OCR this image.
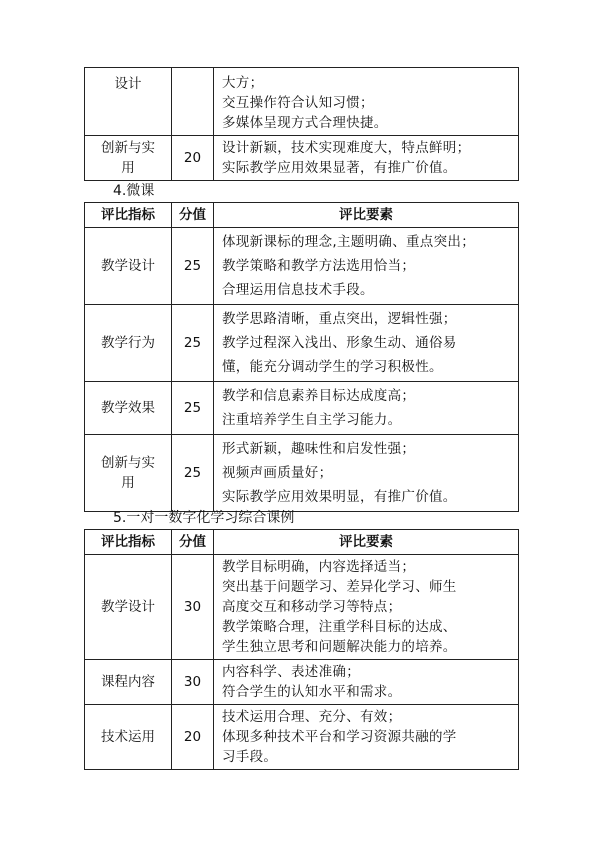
设计		大方；
交互操作符合认知习惯；
多媒体呈现方式合理快捷。

创新与实用	20	设计新颖，技术实现难度大，特点鲜明；
实际教学应用效果显著，有推广价值。
4.微课
评比指标	分值	评比要素
教学设计	25	体现新课标的理念,主题明确、重点突出；
教学策略和教学方法选用恰当；
合理运用信息技术手段。

教学行为	25	教学思路清晰，重点突出，逻辑性强；
教学过程深入浅出、形象生动、通俗易
懂，能充分调动学生的学习积极性。

教学效果	25	教学和信息素养目标达成度高；
注重培养学生自主学习能力。

创新与实用	25	形式新颖，趣味性和启发性强；
视频声画质量好；
实际教学应用效果明显，有推广价值。
5.一对一数字化学习综合课例
评比指标	分值	评比要素
教学设计	30	教学目标明确，内容选择适当；
突出基于问题学习、差异化学习、师生
高度交互和移动学习等特点；
教学策略合理，注重学科目标的达成、
学生独立思考和问题解决能力的培养。

课程内容	30	内容科学、表述准确；
符合学生的认知水平和需求。

技术运用	20	技术运用合理、充分、有效；
体现多种技术平台和学习资源共融的学
习手段。
